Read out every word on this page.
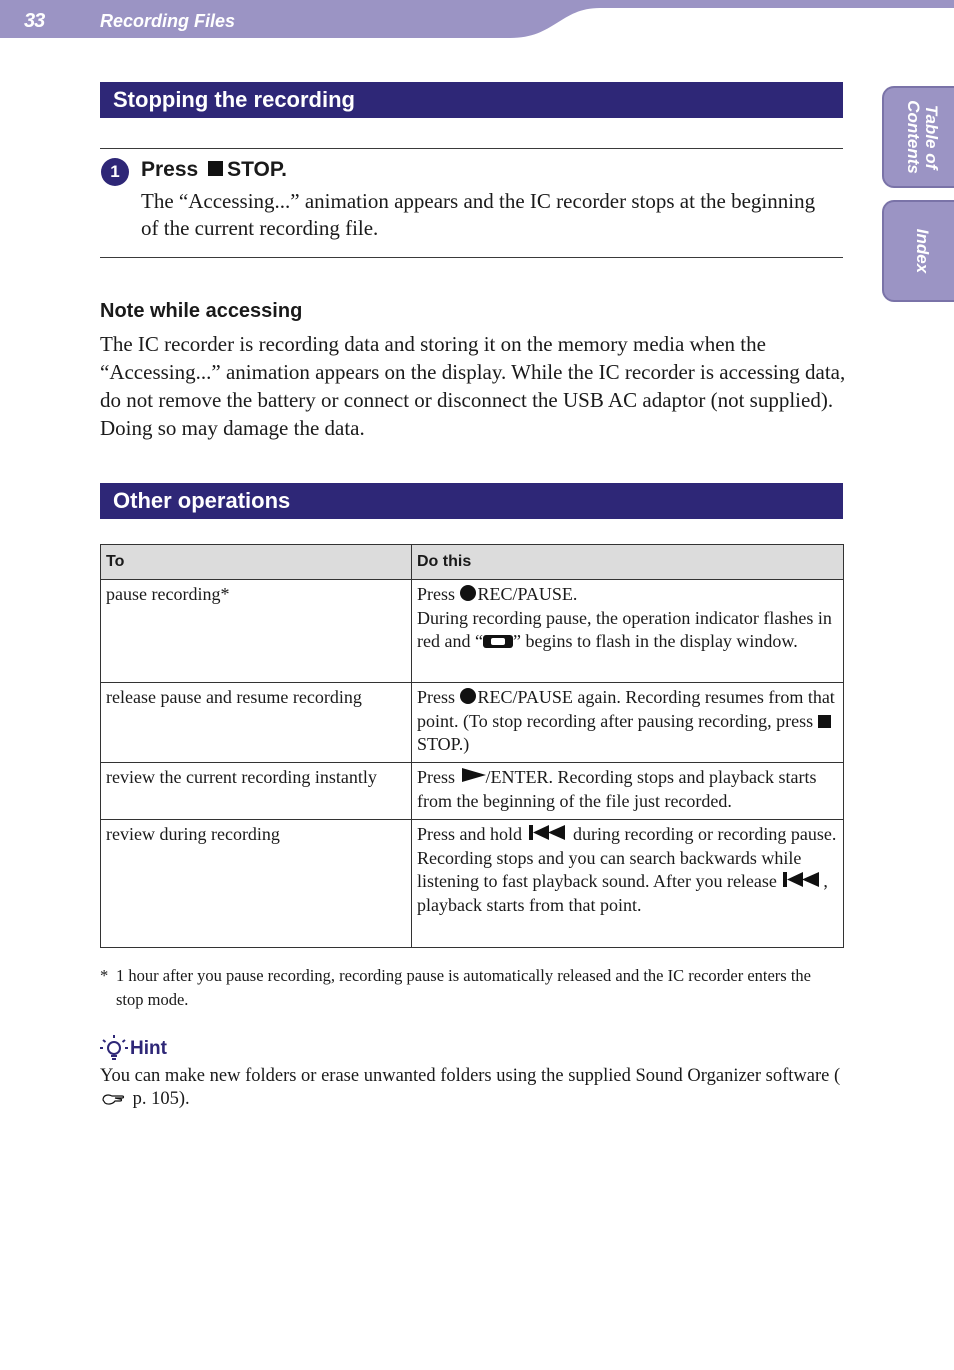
33	Recording Files
Table of
Contents
Index
Stopping the recording
1	Press STOP.
The “Accessing...” animation appears and the IC recorder stops at the beginning of the current recording file.
Note while accessing
The IC recorder is recording data and storing it on the memory media when the “Accessing...” animation appears on the display. While the IC recorder is accessing data, do not remove the battery or connect or disconnect the USB AC adaptor (not supplied). Doing so may damage the data.
Other operations
To	Do this
pause recording*	Press REC/PAUSE.
During recording pause, the operation indicator flashes in red and “ ” begins to flash in the display window.
release pause and resume recording	Press REC/PAUSE again. Recording resumes from that point. (To stop recording after pausing recording, press STOP.)
review the current recording instantly	Press /ENTER. Recording stops and playback starts from the beginning of the file just recorded.
review during recording	Press and hold during recording or recording pause. Recording stops and you can search backwards while listening to fast playback sound. After you release , playback starts from that point.
* 1 hour after you pause recording, recording pause is automatically released and the IC recorder enters the stop mode.
Hint
You can make new folders or erase unwanted folders using the supplied Sound Organizer software ( p. 105).
